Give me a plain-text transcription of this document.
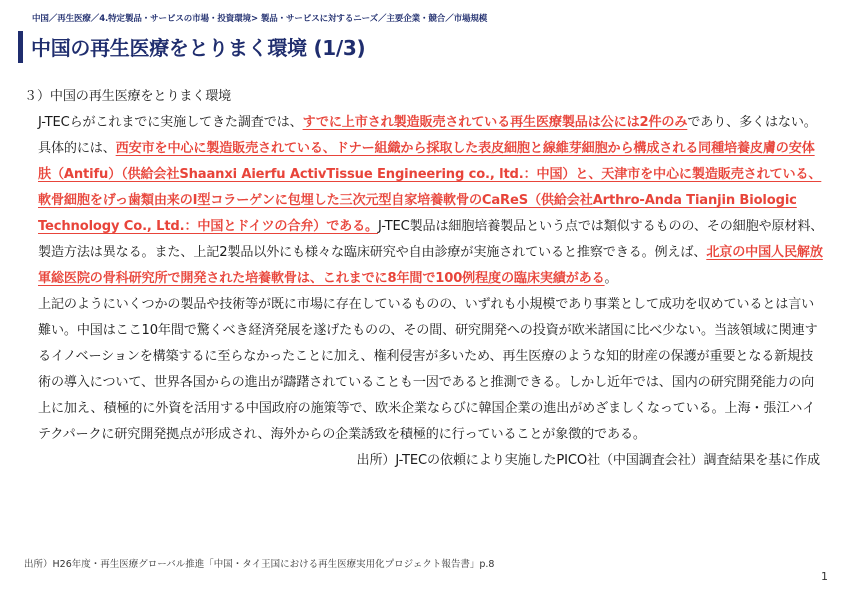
中国／再生医療／4.特定製品・サービスの市場・投資環境> 製品・サービスに対するニーズ／主要企業・競合／市場規模
中国の再生医療をとりまく環境 (1/3)

３）中国の再生医療をとりまく環境

J-TECらがこれまでに実施してきた調査では、すでに上市され製造販売されている再生医療製品は公には2件のみであり、多くはない。具体的には、西安市を中心に製造販売されている、ドナー組織から採取した表皮細胞と線維芽細胞から構成される同種培養皮膚の安体肤（Antifu）（供給会社Shaanxi Aierfu ActivTissue Engineering co., ltd.：中国）と、天津市を中心に製造販売されている、軟骨細胞をげっ歯類由来のI型コラーゲンに包埋した三次元型自家培養軟骨のCaReS（供給会社Arthro-Anda Tianjin Biologic Technology Co., Ltd.：中国とドイツの合弁）である。J-TEC製品は細胞培養製品という点では類似するものの、その細胞や原材料、製造方法は異なる。また、上記2製品以外にも様々な臨床研究や自由診療が実施されていると推察できる。例えば、北京の中国人民解放軍総医院の骨科研究所で開発された培養軟骨は、これまでに8年間で100例程度の臨床実績がある。

上記のようにいくつかの製品や技術等が既に市場に存在しているものの、いずれも小規模であり事業として成功を収めているとは言い難い。中国はここ10年間で驚くべき経済発展を遂げたものの、その間、研究開発への投資が欧米諸国に比べ少ない。当該領域に関連するイノベーションを構築するに至らなかったことに加え、権利侵害が多いため、再生医療のような知的財産の保護が重要となる新規技術の導入について、世界各国からの進出が躊躇されていることも一因であると推測できる。しかし近年では、国内の研究開発能力の向上に加え、積極的に外資を活用する中国政府の施策等で、欧米企業ならびに韓国企業の進出がめざましくなっている。上海・張江ハイテクパークに研究開発拠点が形成され、海外からの企業誘致を積極的に行っていることが象徴的である。

出所）J-TECの依頼により実施したPICO社（中国調査会社）調査結果を基に作成

出所）H26年度・再生医療グローバル推進「中国・タイ王国における再生医療実用化プロジェクト報告書」p.8
1
